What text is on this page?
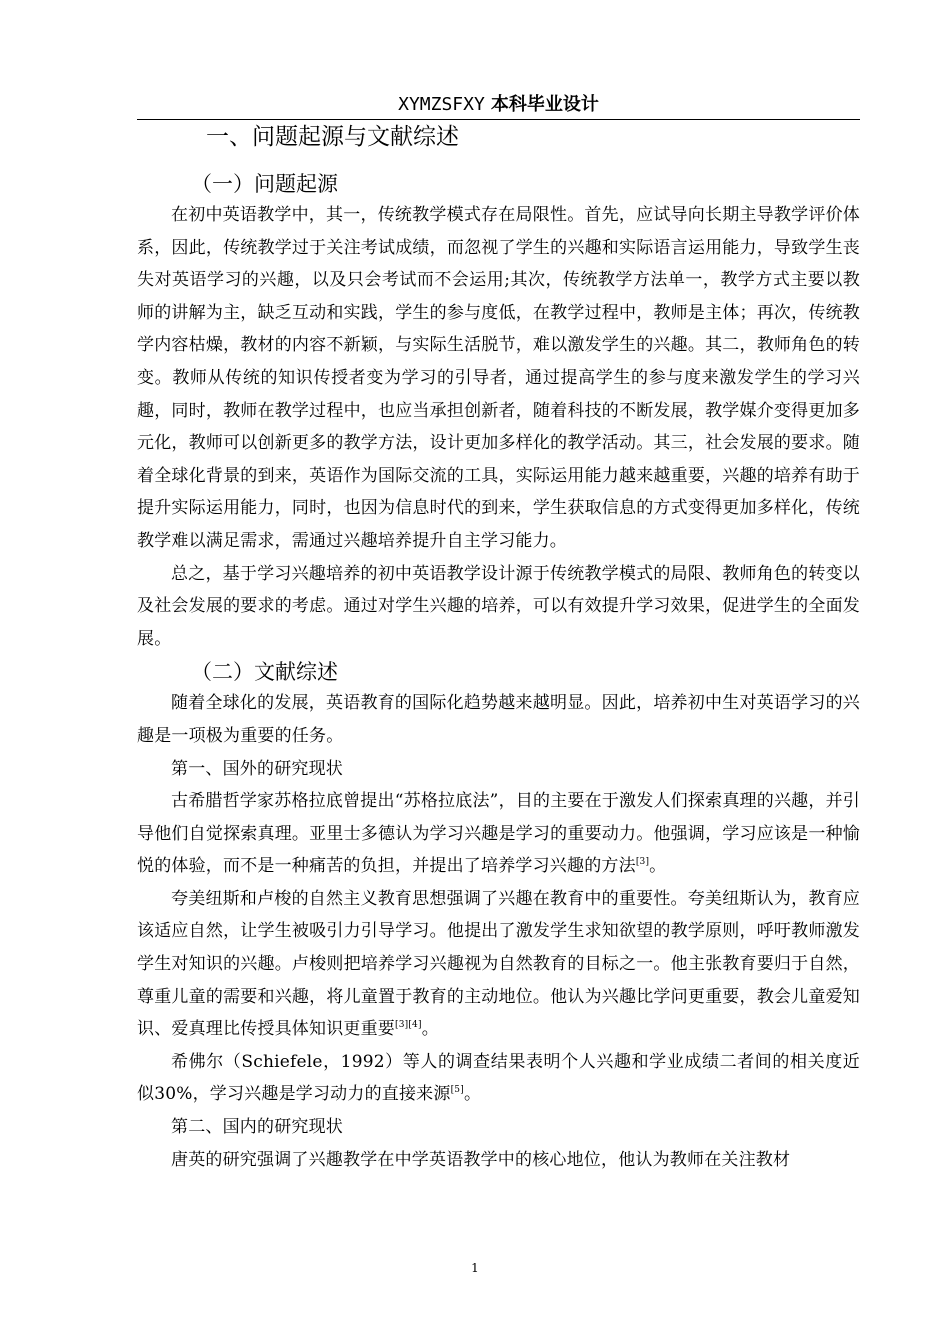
XYMZSFXY 本科毕业设计
一、问题起源与文献综述
（一）问题起源

在初中英语教学中，其一，传统教学模式存在局限性。首先，应试导向长期主导教学评价体系，因此，传统教学过于关注考试成绩，而忽视了学生的兴趣和实际语言运用能力，导致学生丧失对英语学习的兴趣，以及只会考试而不会运用;其次，传统教学方法单一，教学方式主要以教师的讲解为主，缺乏互动和实践，学生的参与度低，在教学过程中，教师是主体；再次，传统教学内容枯燥，教材的内容不新颖，与实际生活脱节，难以激发学生的兴趣。其二，教师角色的转变。教师从传统的知识传授者变为学习的引导者，通过提高学生的参与度来激发学生的学习兴趣，同时，教师在教学过程中，也应当承担创新者，随着科技的不断发展，教学媒介变得更加多元化，教师可以创新更多的教学方法，设计更加多样化的教学活动。其三，社会发展的要求。随着全球化背景的到来，英语作为国际交流的工具，实际运用能力越来越重要，兴趣的培养有助于提升实际运用能力，同时，也因为信息时代的到来，学生获取信息的方式变得更加多样化，传统教学难以满足需求，需通过兴趣培养提升自主学习能力。

总之，基于学习兴趣培养的初中英语教学设计源于传统教学模式的局限、教师角色的转变以及社会发展的要求的考虑。通过对学生兴趣的培养，可以有效提升学习效果，促进学生的全面发展。

（二）文献综述

随着全球化的发展，英语教育的国际化趋势越来越明显。因此，培养初中生对英语学习的兴趣是一项极为重要的任务。

第一、国外的研究现状

古希腊哲学家苏格拉底曾提出“苏格拉底法”，目的主要在于激发人们探索真理的兴趣，并引导他们自觉探索真理。亚里士多德认为学习兴趣是学习的重要动力。他强调，学习应该是一种愉悦的体验，而不是一种痛苦的负担，并提出了培养学习兴趣的方法[3]。

夸美纽斯和卢梭的自然主义教育思想强调了兴趣在教育中的重要性。夸美纽斯认为，教育应该适应自然，让学生被吸引力引导学习。他提出了激发学生求知欲望的教学原则，呼吁教师激发学生对知识的兴趣。卢梭则把培养学习兴趣视为自然教育的目标之一。他主张教育要归于自然，尊重儿童的需要和兴趣，将儿童置于教育的主动地位。他认为兴趣比学问更重要，教会儿童爱知识、爱真理比传授具体知识更重要[3][4]。

希佛尔（Schiefele，1992）等人的调查结果表明个人兴趣和学业成绩二者间的相关度近似30%，学习兴趣是学习动力的直接来源[5]。

第二、国内的研究现状

唐英的研究强调了兴趣教学在中学英语教学中的核心地位，他认为教师在关注教材

1
